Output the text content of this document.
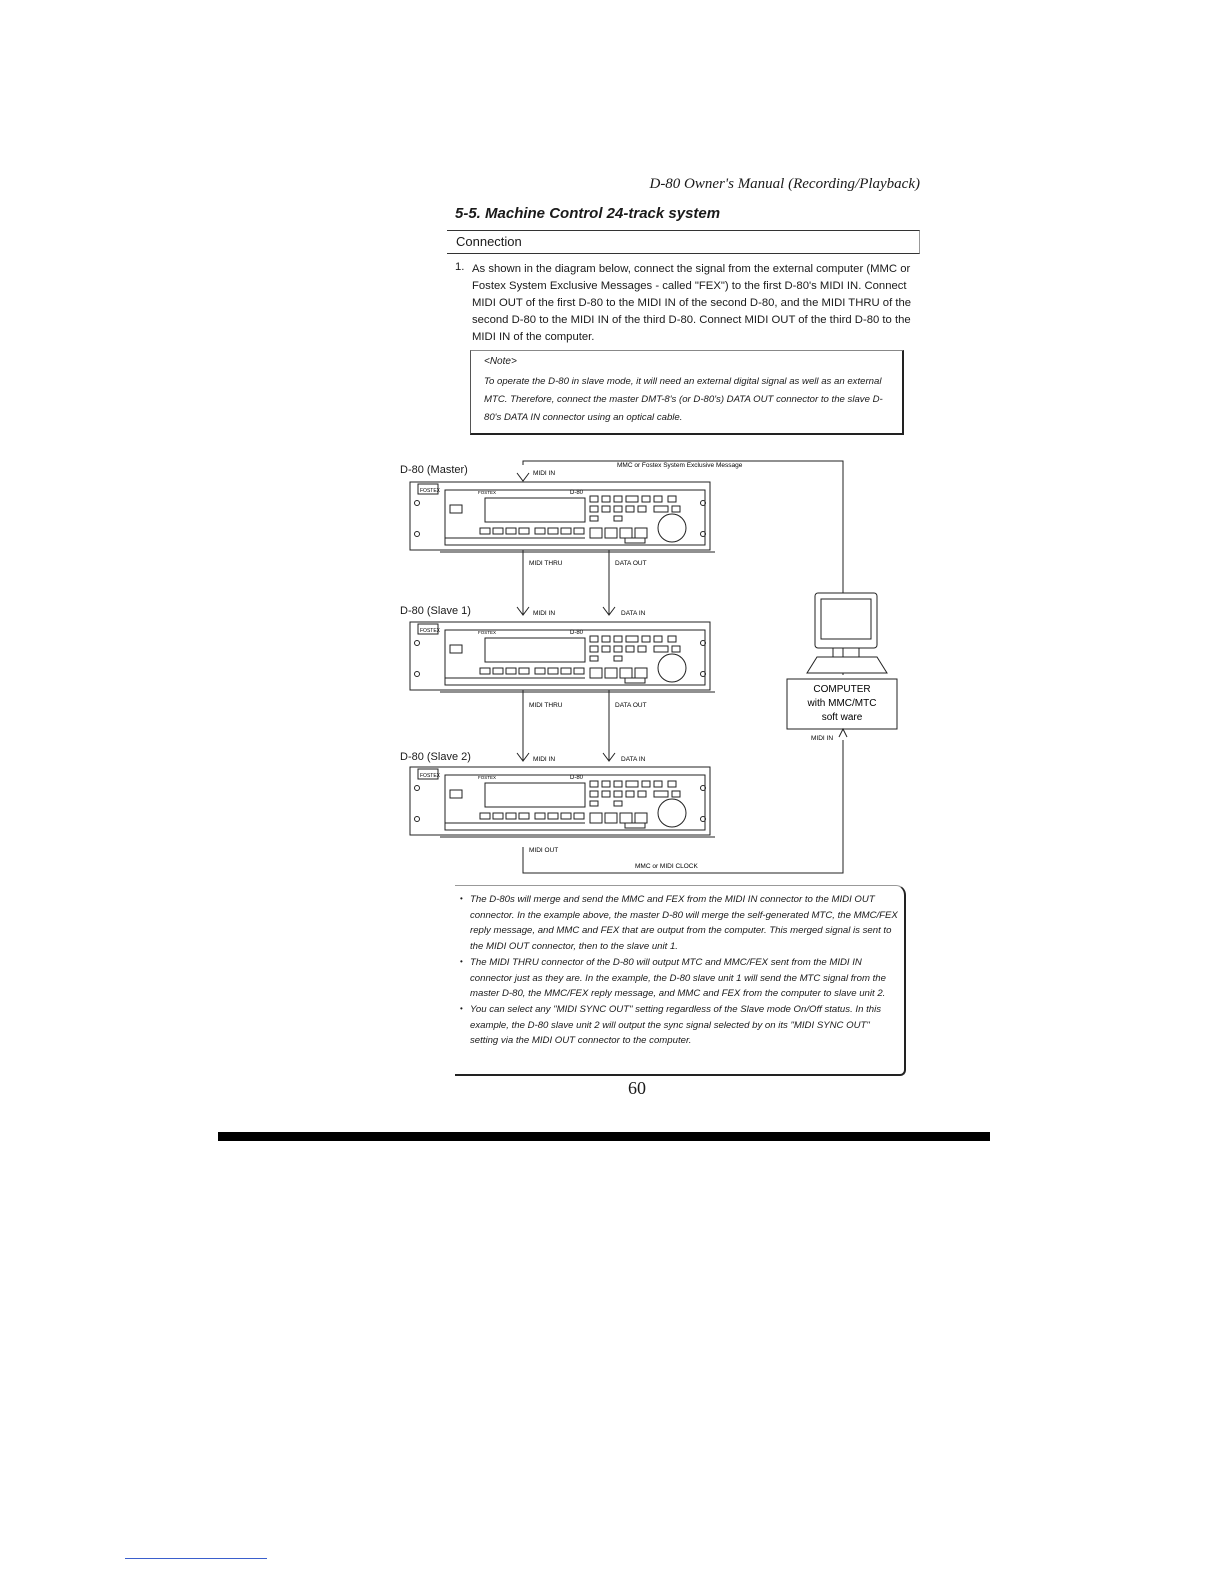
D-80 Owner's Manual (Recording/Playback)
5-5. Machine Control 24-track system
Connection
1. As shown in the diagram below, connect the signal from the external computer (MMC or Fostex System Exclusive Messages - called "FEX") to the first D-80's MIDI IN. Connect MIDI OUT of the first D-80 to the MIDI IN of the second D-80, and the MIDI THRU of the second D-80 to the MIDI IN of the third D-80. Connect MIDI OUT of the third D-80 to the MIDI IN of the computer.
<Note>
To operate the D-80 in slave mode, it will need an external digital signal as well as an external MTC. Therefore, connect the master DMT-8's (or D-80's) DATA OUT connector to the slave D-80's DATA IN connector using an optical cable.
D-80 (Master)
D-80 (Slave 1)
D-80 (Slave 2)
MIDI IN
MMC or Fostex System Exclusive Message
MIDI THRU	DATA OUT
MIDI IN	DATA IN
MIDI THRU	DATA OUT
MIDI IN	DATA IN
MIDI OUT
MMC or MIDI CLOCK
FOSTEX	FOSTEX	D-80
FOSTEX	FOSTEX	D-80
FOSTEX	FOSTEX	D-80
COMPUTER
with MMC/MTC
soft ware
MIDI IN
• The D-80s will merge and send the MMC and FEX from the MIDI IN connector to the MIDI OUT connector. In the example above, the master D-80 will merge the self-generated MTC, the MMC/FEX reply message, and MMC and FEX that are output from the computer. This merged signal is sent to the MIDI OUT connector, then to the slave unit 1.
• The MIDI THRU connector of the D-80 will output MTC and MMC/FEX sent from the MIDI IN connector just as they are. In the example, the D-80 slave unit 1 will send the MTC signal from the master D-80, the MMC/FEX reply message, and MMC and FEX from the computer to slave unit 2.
• You can select any "MIDI SYNC OUT" setting regardless of the Slave mode On/Off status. In this example, the D-80 slave unit 2 will output the sync signal selected by on its "MIDI SYNC OUT" setting via the MIDI OUT connector to the computer.
60
